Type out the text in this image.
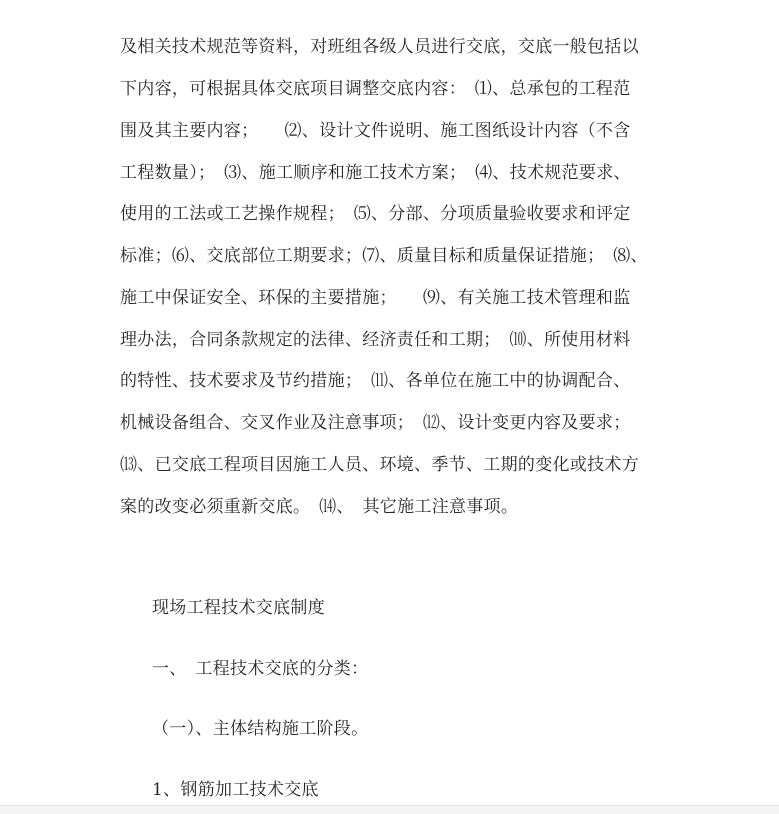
及相关技术规范等资料，对班组各级人员进行交底，交底一般包括以
下内容，可根据具体交底项目调整交底内容：　⑴、总承包的工程范
围及其主要内容；　　⑵、设计文件说明、施工图纸设计内容（不含
工程数量）；　⑶、施工顺序和施工技术方案；　⑷、技术规范要求、
使用的工法或工艺操作规程；　⑸、分部、分项质量验收要求和评定
标准；⑹、交底部位工期要求；⑺、质量目标和质量保证措施；　⑻、
施工中保证安全、环保的主要措施；　　⑼、有关施工技术管理和监
理办法，合同条款规定的法律、经济责任和工期；　⑽、所使用材料
的特性、技术要求及节约措施；　⑾、各单位在施工中的协调配合、
机械设备组合、交叉作业及注意事项；　⑿、设计变更内容及要求；
⒀、已交底工程项目因施工人员、环境、季节、工期的变化或技术方
案的改变必须重新交底。　⒁、　其它施工注意事项。
现场工程技术交底制度
一、　工程技术交底的分类：
（一）、主体结构施工阶段。
1、钢筋加工技术交底
